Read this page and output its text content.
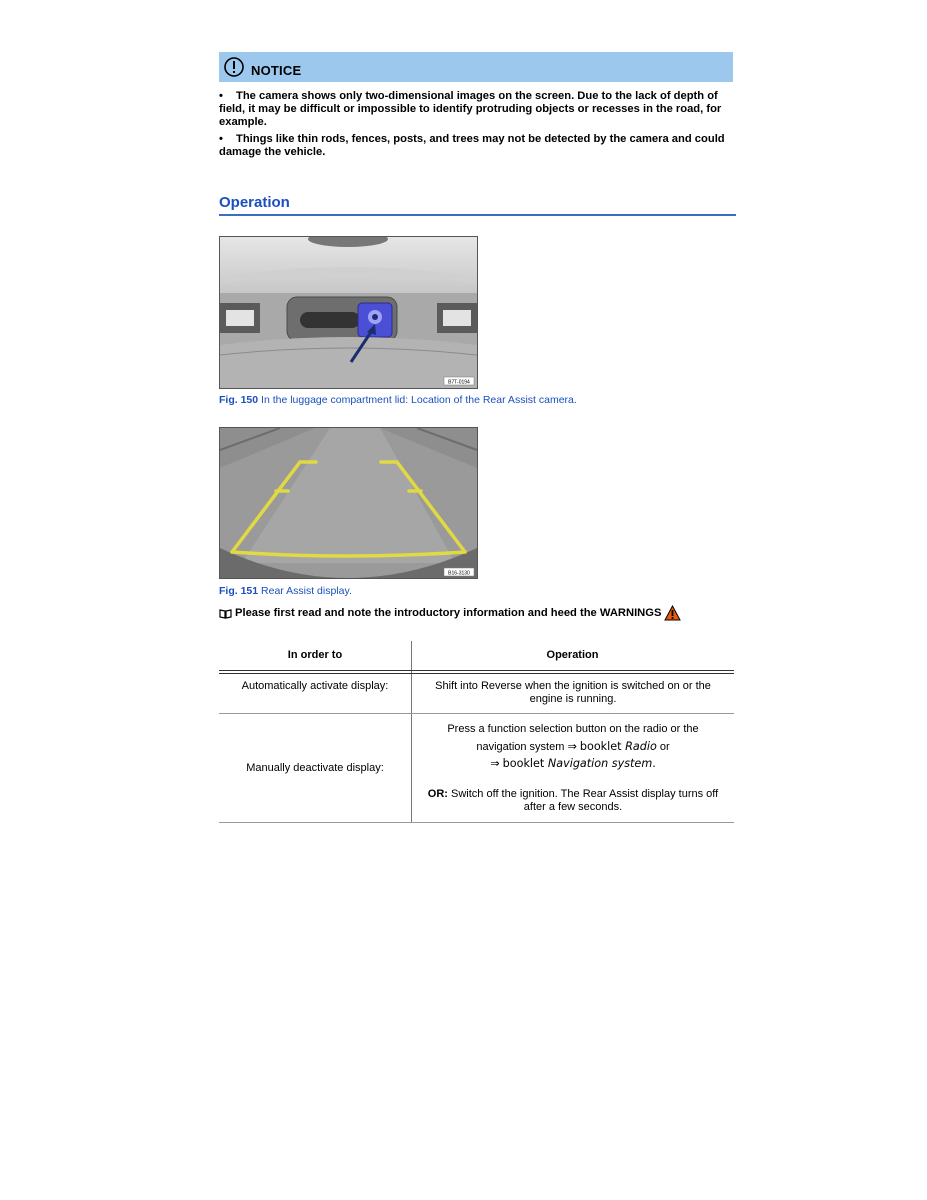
NOTICE
• The camera shows only two-dimensional images on the screen. Due to the lack of depth of field, it may be difficult or impossible to identify protruding objects or recesses in the road, for example.
• Things like thin rods, fences, posts, and trees may not be detected by the camera and could damage the vehicle.
Operation
B7T-0194
Fig. 150 In the luggage compartment lid: Location of the Rear Assist camera.
B16-3130
Fig. 151 Rear Assist display.
Please first read and note the introductory information and heed the WARNINGS
In order to	Operation
Automatically activate display:	Shift into Reverse when the ignition is switched on or the
engine is running.
Manually deactivate display:
Press a function selection button on the radio or the
navigation system ⇒ booklet Radio or
⇒ booklet Navigation system.
OR: Switch off the ignition. The Rear Assist display turns off
after a few seconds.
